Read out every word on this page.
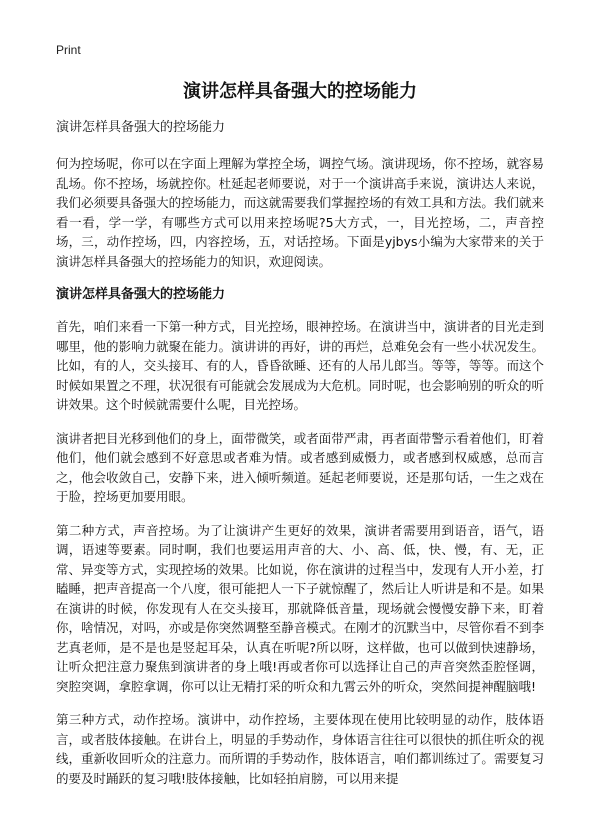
Print
演讲怎样具备强大的控场能力
演讲怎样具备强大的控场能力

何为控场呢，你可以在字面上理解为掌控全场，调控气场。演讲现场，你不控场，就容易乱场。你不控场，场就控你。杜延起老师要说，对于一个演讲高手来说，演讲达人来说，我们必须要具备强大的控场能力，而这就需要我们掌握控场的有效工具和方法。我们就来看一看，学一学，有哪些方式可以用来控场呢?5大方式，一，目光控场，二，声音控场，三，动作控场，四，内容控场，五，对话控场。下面是yjbys小编为大家带来的关于演讲怎样具备强大的控场能力的知识，欢迎阅读。

演讲怎样具备强大的控场能力

首先，咱们来看一下第一种方式，目光控场，眼神控场。在演讲当中，演讲者的目光走到哪里，他的影响力就聚在能力。演讲讲的再好，讲的再烂，总难免会有一些小状况发生。比如，有的人，交头接耳、有的人，昏昏欲睡、还有的人吊儿郎当。等等，等等。而这个时候如果置之不理，状况很有可能就会发展成为大危机。同时呢，也会影响别的听众的听讲效果。这个时候就需要什么呢，目光控场。

演讲者把目光移到他们的身上，面带微笑，或者面带严肃，再者面带警示看着他们，盯着他们，他们就会感到不好意思或者难为情。或者感到威慑力，或者感到权威感，总而言之，他会收敛自己，安静下来，进入倾听频道。延起老师要说，还是那句话，一生之戏在于脸，控场更加要用眼。

第二种方式，声音控场。为了让演讲产生更好的效果，演讲者需要用到语音，语气，语调，语速等要素。同时啊，我们也要运用声音的大、小、高、低，快、慢，有、无，正常、异变等方式，实现控场的效果。比如说，你在演讲的过程当中，发现有人开小差，打瞌睡，把声音提高一个八度，很可能把人一下子就惊醒了，然后让人听讲是和不是。如果在演讲的时候，你发现有人在交头接耳，那就降低音量，现场就会慢慢安静下来，盯着你，啥情况，对吗，亦或是你突然调整至静音模式。在刚才的沉默当中，尽管你看不到李艺真老师，是不是也是竖起耳朵，认真在听呢?所以呀，这样做，也可以做到快速静场，让听众把注意力聚焦到演讲者的身上哦!再或者你可以选择让自己的声音突然歪腔怪调，突腔突调，拿腔拿调，你可以让无精打采的听众和九霄云外的听众，突然间提神醒脑哦!

第三种方式，动作控场。演讲中，动作控场，主要体现在使用比较明显的动作，肢体语言，或者肢体接触。在讲台上，明显的手势动作，身体语言往往可以很快的抓住听众的视线，重新收回听众的注意力。而所谓的手势动作，肢体语言，咱们都训练过了。需要复习的要及时踊跃的复习哦!肢体接触，比如轻拍肩膀，可以用来提
